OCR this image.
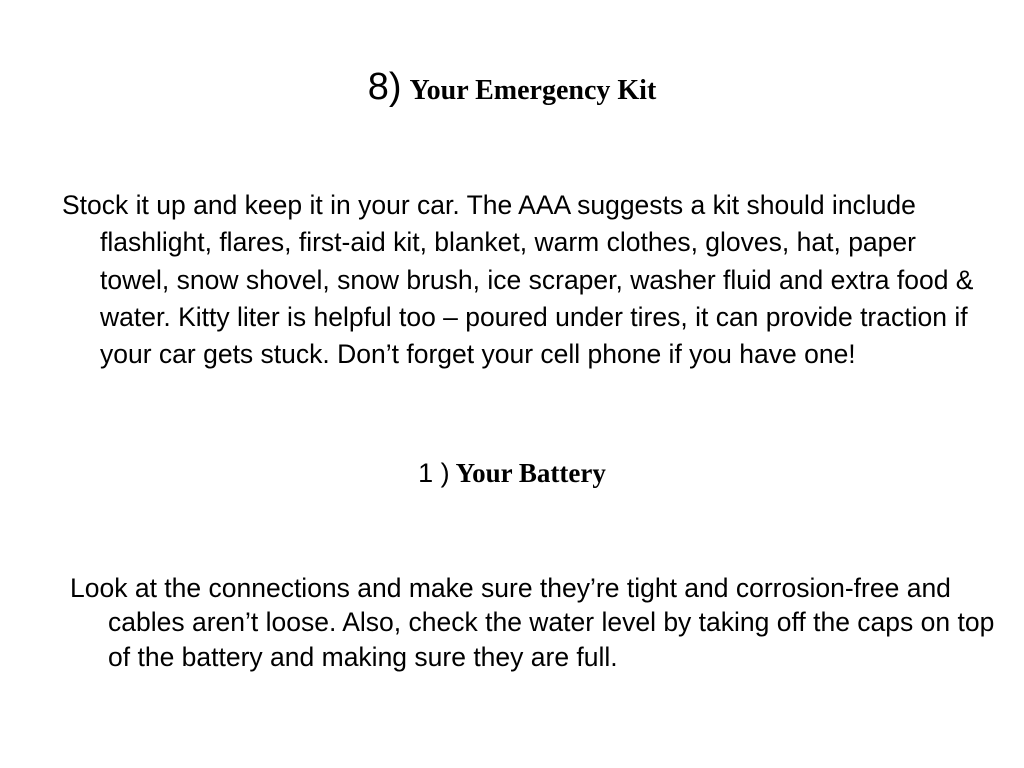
8) Your Emergency Kit

Stock it up and keep it in your car. The AAA suggests a kit should include flashlight, flares, first-aid kit, blanket, warm clothes, gloves, hat, paper towel, snow shovel, snow brush, ice scraper, washer fluid and extra food & water. Kitty liter is helpful too – poured under tires, it can provide traction if your car gets stuck. Don’t forget your cell phone if you have one!

1 ) Your Battery

Look at the connections and make sure they’re tight and corrosion-free and cables aren’t loose. Also, check the water level by taking off the caps on top of the battery and making sure they are full.
